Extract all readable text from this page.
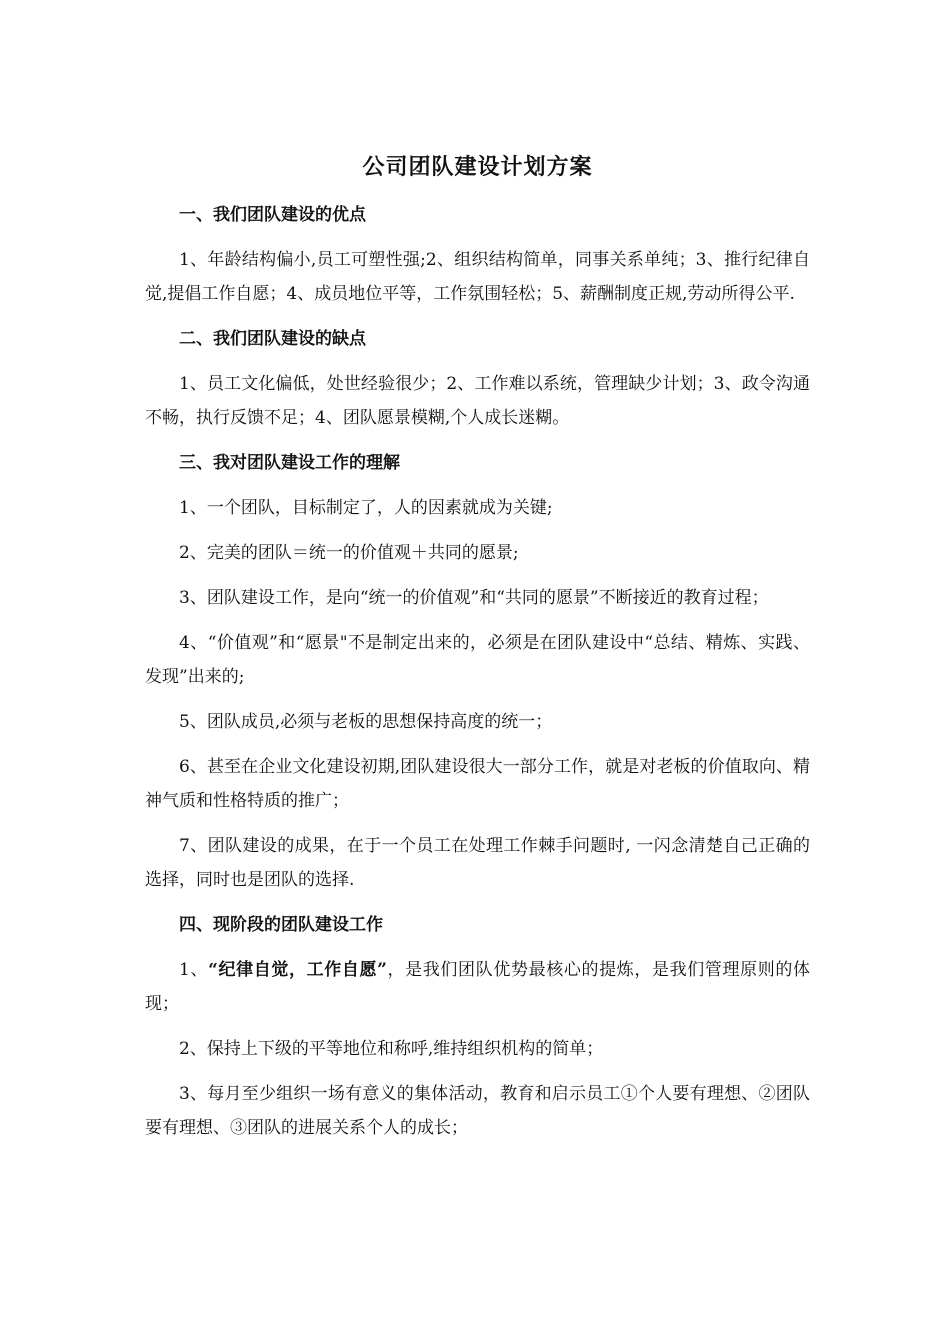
公司团队建设计划方案

一、我们团队建设的优点

1、年龄结构偏小,员工可塑性强;2、组织结构简单，同事关系单纯；3、推行纪律自觉,提倡工作自愿；4、成员地位平等，工作氛围轻松；5、薪酬制度正规,劳动所得公平.

二、我们团队建设的缺点

1、员工文化偏低，处世经验很少；2、工作难以系统，管理缺少计划；3、政令沟通不畅，执行反馈不足；4、团队愿景模糊,个人成长迷糊。

三、我对团队建设工作的理解

1、一个团队，目标制定了，人的因素就成为关键;

2、完美的团队＝统一的价值观＋共同的愿景;

3、团队建设工作，是向“统一的价值观”和“共同的愿景”不断接近的教育过程；

4、“价值观”和“愿景"不是制定出来的，必须是在团队建设中“总结、精炼、实践、发现”出来的;

5、团队成员,必须与老板的思想保持高度的统一；

6、甚至在企业文化建设初期,团队建设很大一部分工作，就是对老板的价值取向、精神气质和性格特质的推广；

7、团队建设的成果，在于一个员工在处理工作棘手问题时, 一闪念清楚自己正确的选择，同时也是团队的选择.

四、现阶段的团队建设工作

1、“纪律自觉，工作自愿”，是我们团队优势最核心的提炼，是我们管理原则的体现；

2、保持上下级的平等地位和称呼,维持组织机构的简单；

3、每月至少组织一场有意义的集体活动，教育和启示员工①个人要有理想、②团队要有理想、③团队的进展关系个人的成长；
